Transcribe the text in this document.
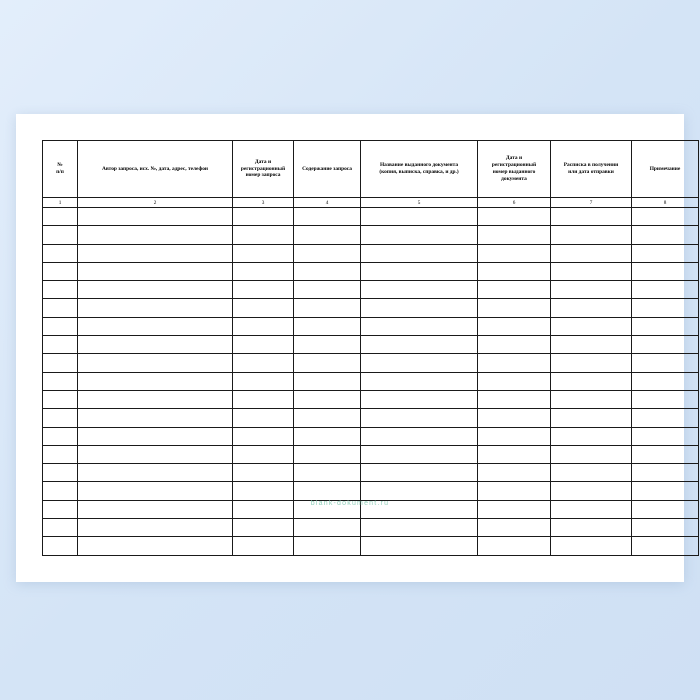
№
п/п	Автор запроса, исх. №, дата, адрес, телефон	Дата и
регистрационный
номер запроса	Содержание запроса	Название выданного документа
(копия, выписка, справка, и др.)	Дата и
регистрационный
номер выданного
документа	Расписка в получении
или дата отправки	Примечание
1	2	3	4	5	6	7	8

blank-dokument.ru
